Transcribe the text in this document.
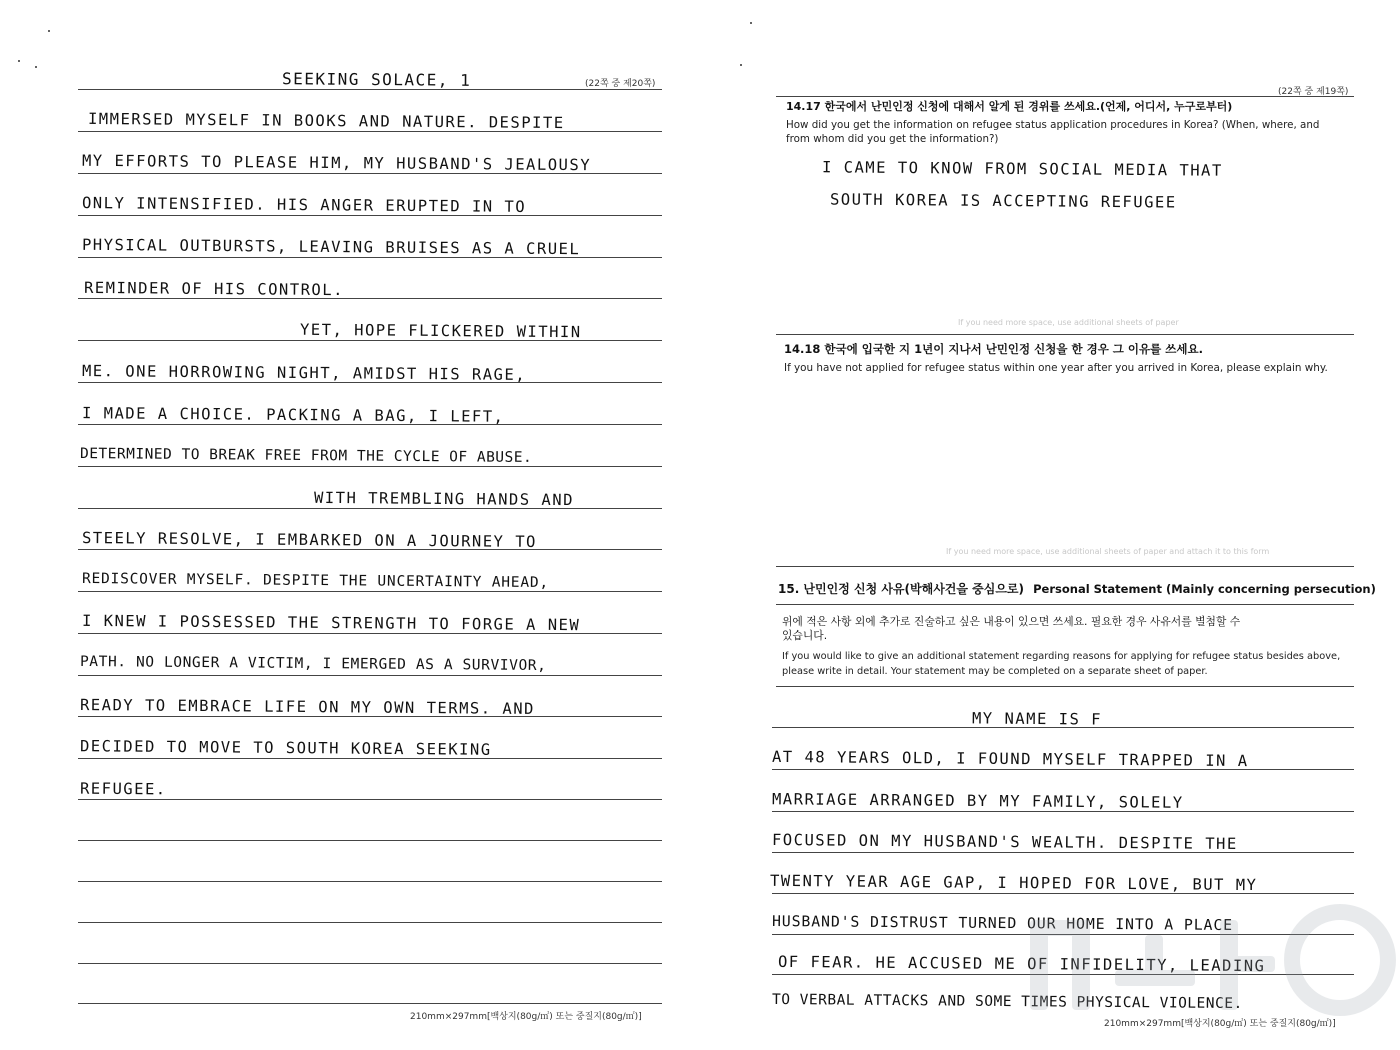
SEEKING SOLACE, 1	(22쪽 중 제20쪽)
IMMERSED MYSELF IN BOOKS AND NATURE. DESPITE
MY EFFORTS TO PLEASE HIM, MY HUSBAND'S JEALOUSY
ONLY INTENSIFIED. HIS ANGER ERUPTED IN TO
PHYSICAL OUTBURSTS, LEAVING BRUISES AS A CRUEL
REMINDER OF HIS CONTROL.
YET, HOPE FLICKERED WITHIN
ME. ONE HORROWING NIGHT, AMIDST HIS RAGE,
I MADE A CHOICE. PACKING A BAG, I LEFT,
DETERMINED TO BREAK FREE FROM THE CYCLE OF ABUSE.
WITH TREMBLING HANDS AND
STEELY RESOLVE, I EMBARKED ON A JOURNEY TO
REDISCOVER MYSELF. DESPITE THE UNCERTAINTY AHEAD,
I KNEW I POSSESSED THE STRENGTH TO FORGE A NEW
PATH. NO LONGER A VICTIM, I EMERGED AS A SURVIVOR,
READY TO EMBRACE LIFE ON MY OWN TERMS. AND
DECIDED TO MOVE TO SOUTH KOREA SEEKING
REFUGEE.
210mm×297mm[백상지(80g/㎡) 또는 중질지(80g/㎡)]
(22쪽 중 제19쪽)
14.17 한국에서 난민인정 신청에 대해서 알게 된 경위를 쓰세요.(언제, 어디서, 누구로부터)
How did you get the information on refugee status application procedures in Korea? (When, where, and
from whom did you get the information?)
I CAME TO KNOW FROM SOCIAL MEDIA THAT
SOUTH KOREA IS ACCEPTING REFUGEE
If you need more space, use additional sheets of paper
14.18 한국에 입국한 지 1년이 지나서 난민인정 신청을 한 경우 그 이유를 쓰세요.
If you have not applied for refugee status within one year after you arrived in Korea, please explain why.
If you need more space, use additional sheets of paper and attach it to this form
15. 난민인정 신청 사유(박해사건을 중심으로) Personal Statement (Mainly concerning persecution)
위에 적은 사항 외에 추가로 진술하고 싶은 내용이 있으면 쓰세요. 필요한 경우 사유서를 별첨할 수
있습니다.
If you would like to give an additional statement regarding reasons for applying for refugee status besides above,
please write in detail. Your statement may be completed on a separate sheet of paper.
MY NAME IS F
AT 48 YEARS OLD, I FOUND MYSELF TRAPPED IN A
MARRIAGE ARRANGED BY MY FAMILY, SOLELY
FOCUSED ON MY HUSBAND'S WEALTH. DESPITE THE
TWENTY YEAR AGE GAP, I HOPED FOR LOVE, BUT MY
HUSBAND'S DISTRUST TURNED OUR HOME INTO A PLACE
OF FEAR. HE ACCUSED ME OF INFIDELITY, LEADING
TO VERBAL ATTACKS AND SOME TIMES PHYSICAL VIOLENCE.
210mm×297mm[백상지(80g/㎡) 또는 중질지(80g/㎡)]
